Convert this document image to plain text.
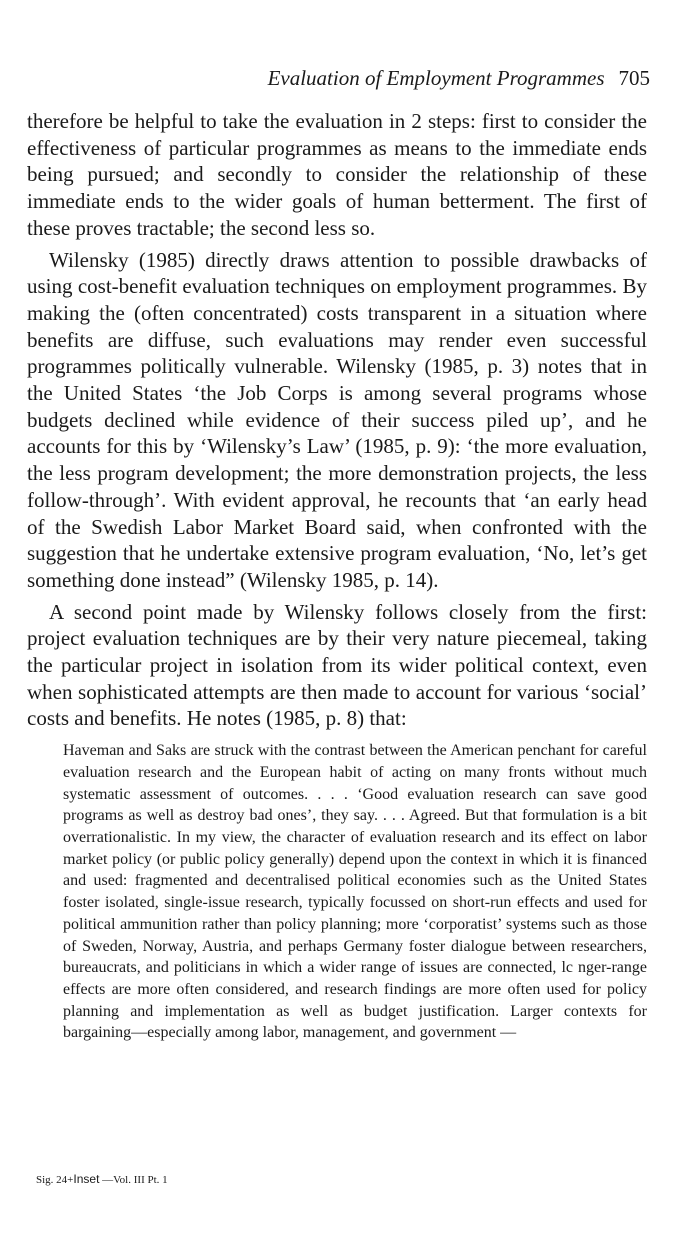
Evaluation of Employment Programmes 705

therefore be helpful to take the evaluation in 2 steps: first to consider the effectiveness of particular programmes as means to the immediate ends being pursued; and secondly to consider the relationship of these immediate ends to the wider goals of human betterment. The first of these proves tractable; the second less so.

Wilensky (1985) directly draws attention to possible drawbacks of using cost-benefit evaluation techniques on employment programmes. By making the (often concentrated) costs transparent in a situation where benefits are diffuse, such evaluations may render even successful programmes politically vulnerable. Wilensky (1985, p. 3) notes that in the United States ‘the Job Corps is among several programs whose budgets declined while evidence of their success piled up’, and he accounts for this by ‘Wilensky’s Law’ (1985, p. 9): ‘the more evaluation, the less program development; the more demonstration projects, the less follow-through’. With evident approval, he recounts that ‘an early head of the Swedish Labor Market Board said, when confronted with the suggestion that he undertake extensive program evaluation, ‘No, let’s get something done instead” (Wilensky 1985, p. 14).

A second point made by Wilensky follows closely from the first: project evaluation techniques are by their very nature piecemeal, taking the particular project in isolation from its wider political context, even when sophisticated attempts are then made to account for various ‘social’ costs and benefits. He notes (1985, p. 8) that:

Haveman and Saks are struck with the contrast between the American penchant for careful evaluation research and the European habit of acting on many fronts without much systematic assessment of outcomes. . . . ‘Good evaluation research can save good programs as well as destroy bad ones’, they say. . . . Agreed. But that formulation is a bit overrationalistic. In my view, the character of evaluation research and its effect on labor market policy (or public policy generally) depend upon the context in which it is financed and used: fragmented and decentralised political economies such as the United States foster isolated, single-issue research, typically focussed on short-run effects and used for political ammunition rather than policy planning; more ‘corporatist’ systems such as those of Sweden, Norway, Austria, and perhaps Germany foster dialogue between researchers, bureaucrats, and politicians in which a wider range of issues are connected, lc nger-range effects are more often considered, and research findings are more often used for policy planning and implementation as well as budget justification. Larger contexts for bargaining—especially among labor, management, and government —

Sig. 24+Inset —Vol. III Pt. 1
